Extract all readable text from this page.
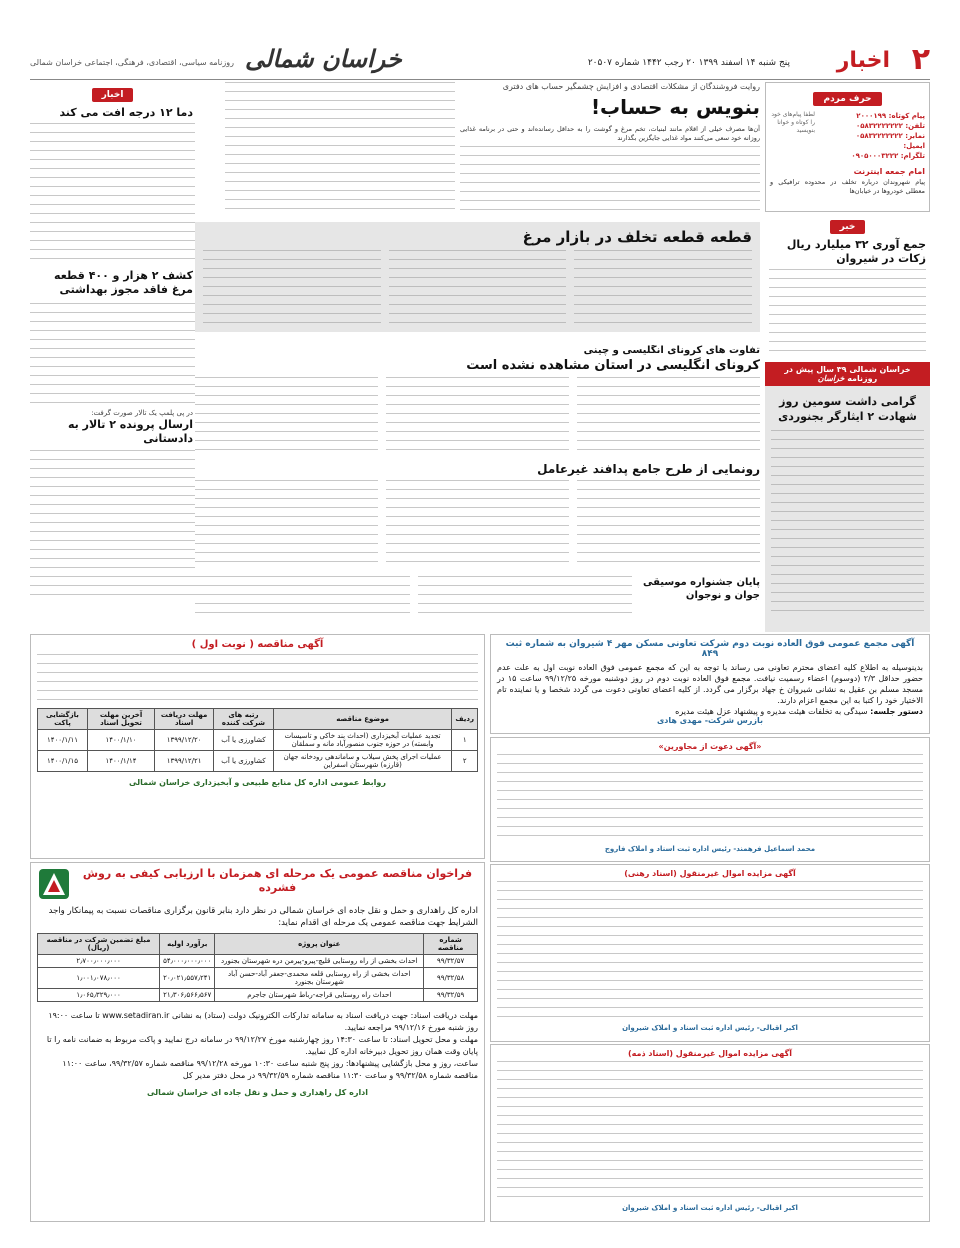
۲
اخبار
پنج شنبه ۱۴ اسفند ۱۳۹۹ ۲۰ رجب ۱۴۴۲ شماره ۲۰۵۰۷
خراسان شمالی
روزنامه سیاسی، اقتصادی، فرهنگی، اجتماعی خراسان شمالی
حرف مردم
پیام کوتاه: ۲۰۰۰۱۹۹
تلفن: ۰۵۸۳۲۲۲۲۲۲۲
نمابر: ۰۵۸۳۲۲۲۲۲۲۲
ایمیل:
تلگرام: ۰۹۰۵۰۰۰۳۲۲۲
لطفا پیام‌های خود را کوتاه و خوانا بنویسید
امام جمعه اینترنت
پیام شهروندان درباره تخلف در محدوده ترافیکی و معطلی خودروها در خیابان‌ها
خبر
جمع آوری ۳۲ میلیارد ریال زکات در شیروان
خراسان شمالی ۳۹ سال پیش در روزنامه خراسان
گرامی داشت سومین روز شهادت ۲ ایثارگر بجنوردی
روایت فروشندگان از مشکلات اقتصادی و افزایش چشمگیر حساب های دفتری
بنویس به حساب!
آن‌ها مصرف خیلی از اقلام مانند لبنیات، تخم مرغ و گوشت را به حداقل رسانده‌اند و حتی در برنامه غذایی روزانه خود سعی می‌کنند مواد غذایی جایگزین بگذارند
اخبار
دما ۱۲ درجه افت می کند
کشف ۲ هزار و ۴۰۰ قطعه مرغ فاقد مجوز بهداشتی
در پی پلمپ یک تالار صورت گرفت:
ارسال پرونده ۲ تالار به دادستانی
قطعه قطعه تخلف در بازار مرغ
تفاوت های کرونای انگلیسی و چینی
کرونای انگلیسی در استان مشاهده نشده است
رونمایی از طرح جامع پدافند غیرعامل
پایان جشنواره موسیقی جوان و نوجوان
آگهی مجمع عمومی فوق العاده نوبت دوم شرکت تعاونی مسکن مهر ۴ شیروان به شماره ثبت ۸۴۹
بدینوسیله به اطلاع کلیه اعضای محترم تعاونی می رساند با توجه به این که مجمع عمومی فوق العاده نوبت اول به علت عدم حضور حداقل ۲/۳ (دوسوم) اعضاء رسمیت نیافت. مجمع فوق العاده نوبت دوم در روز دوشنبه مورخه ۹۹/۱۲/۲۵ ساعت ۱۵ در مسجد مسلم بن عقیل به نشانی شیروان خ جهاد برگزار می گردد. از کلیه اعضای تعاونی دعوت می گردد شخصا و یا نماینده تام الاختیار خود را کتبا به این مجمع اعزام دارند.
دستور جلسه: سیدگی به تخلفات هیئت مدیره و پیشنهاد عزل هیئت مدیره
بازرس شرکت- مهدی هادی
آگهی مناقصه ( نوبت اول )
ردیف	موضوع مناقصه	رتبه های شرکت کننده	مهلت دریافت اسناد	آخرین مهلت تحویل اسناد	بازگشایی پاکت
۱	تجدید عملیات آبخیزداری (احداث بند خاکی و تاسیسات وابسته) در حوزه جنوب منصورآباد مانه و سملقان	کشاورزی یا آب	۱۳۹۹/۱۲/۲۰	۱۴۰۰/۱/۱۰	۱۴۰۰/۱/۱۱
۲	عملیات اجرای پخش سیلاب و ساماندهی رودخانه جهان (قارزه) شهرستان اسفراین	کشاورزی یا آب	۱۳۹۹/۱۲/۲۱	۱۴۰۰/۱/۱۴	۱۴۰۰/۱/۱۵
روابط عمومی اداره کل منابع طبیعی و آبخیزداری خراسان شمالی
فراخوان مناقصه عمومی یک مرحله ای همزمان با ارزیابی کیفی به روش فشرده
اداره کل راهداری و حمل و نقل جاده ای خراسان شمالی در نظر دارد بنابر قانون برگزاری مناقصات نسبت به پیمانکار واجد الشرایط جهت مناقصه عمومی یک مرحله ای اقدام نماید:
شماره مناقصه	عنوان پروژه	برآورد اولیه	مبلغ تضمین شرکت در مناقصه (ریال)
۹۹/۳۲/۵۷	احداث بخشی از راه روستایی قلیچ-پیرو-پیرمن دره شهرستان بجنورد	۵۴٫۰۰۰٫۰۰۰٫۰۰۰	۲٫۷۰۰٫۰۰۰٫۰۰۰
۹۹/۳۲/۵۸	احداث بخشی از راه روستایی قلعه محمدی-جعفر آباد-حسن آباد شهرستان بجنورد	۲۰٫۰۲۱٫۵۵۷٫۲۴۱	۱٫۰۰۱٫۰۷۸٫۰۰۰
۹۹/۳۲/۵۹	احداث راه روستایی قراجه-رباط شهرستان جاجرم	۲۱٫۳۰۶٫۵۶۶٫۵۶۷	۱٫۰۶۵٫۳۲۹٫۰۰۰
مهلت دریافت اسناد: جهت دریافت اسناد به سامانه تدارکات الکترونیک دولت (ستاد) به نشانی www.setadiran.ir تا ساعت ۱۹:۰۰ روز شنبه مورخ ۹۹/۱۲/۱۶ مراجعه نمایید.
مهلت و محل تحویل اسناد: تا ساعت ۱۴:۳۰ روز چهارشنبه مورخ ۹۹/۱۲/۲۷ در سامانه درج نمایید و پاکت مربوط به ضمانت نامه را تا پایان وقت همان روز تحویل دبیرخانه اداره کل نمایید.
ساعت، روز و محل بازگشایی پیشنهادها: روز پنج شنبه ساعت ۱۰:۳۰ مورخه ۹۹/۱۲/۲۸ مناقصه شماره ۹۹/۳۲/۵۷، ساعت ۱۱:۰۰ مناقصه شماره ۹۹/۳۲/۵۸ و ساعت ۱۱:۳۰ مناقصه شماره ۹۹/۳۲/۵۹ در محل دفتر مدیر کل
اداره کل راهداری و حمل و نقل جاده ای خراسان شمالی
«آگهی دعوت از مجاورین»
محمد اسماعیل فرهمند- رئیس اداره ثبت اسناد و املاک فاروج
آگهی مزایده اموال غیرمنقول (اسناد رهنی)
اکبر اقبالی- رئیس اداره ثبت اسناد و املاک شیروان
آگهی مزایده اموال غیرمنقول (اسناد ذمه)
اکبر اقبالی- رئیس اداره ثبت اسناد و املاک شیروان
